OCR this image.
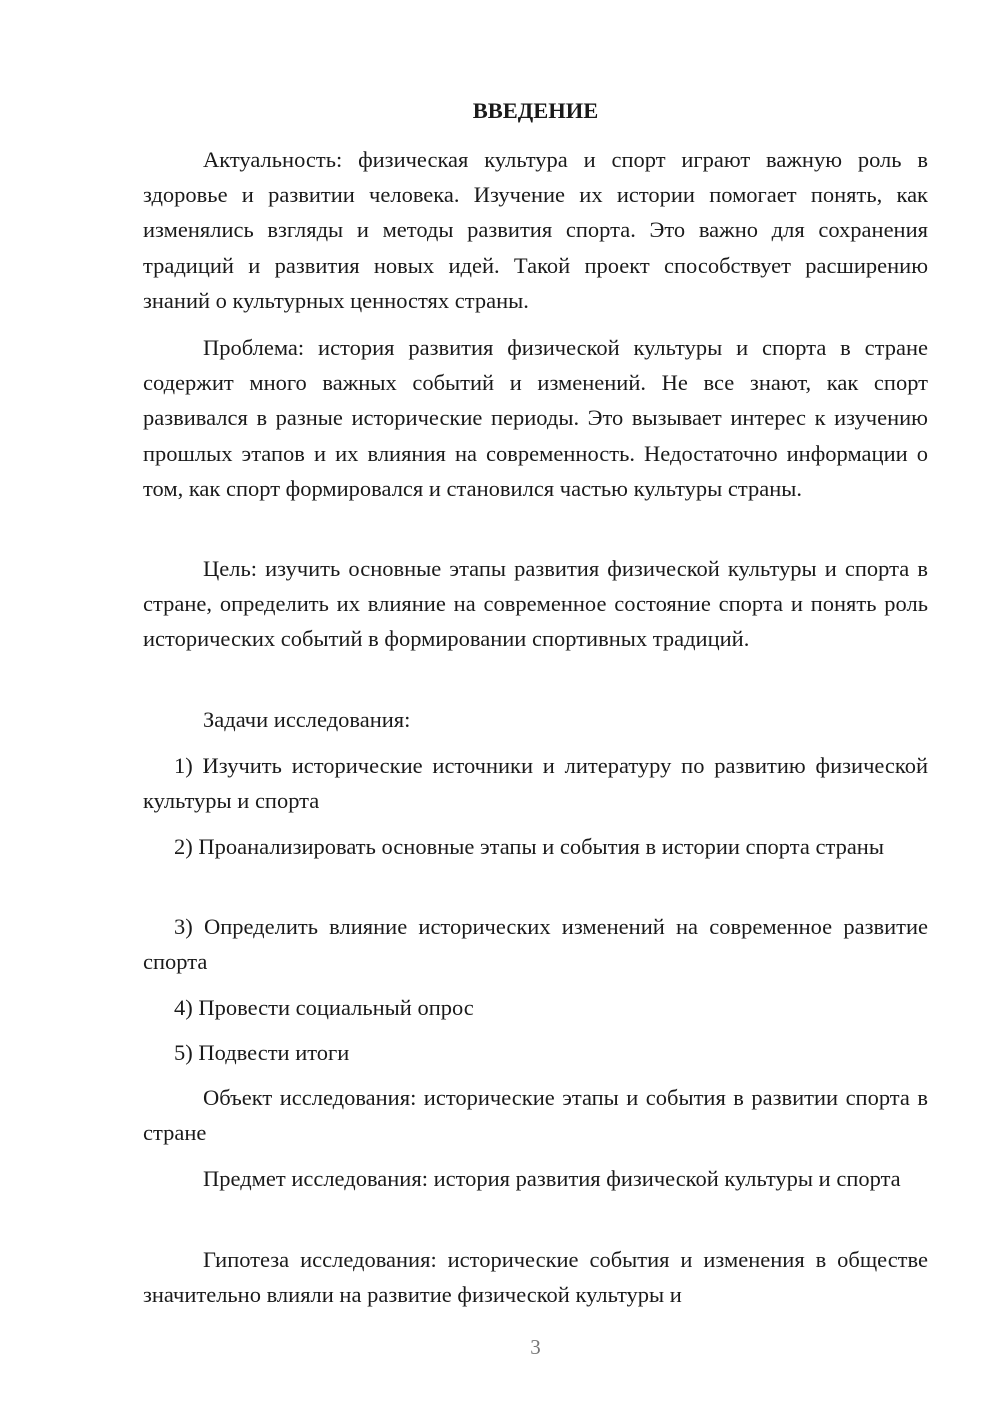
ВВЕДЕНИЕ

Актуальность: физическая культура и спорт играют важную роль в здоровье и развитии человека. Изучение их истории помогает понять, как изменялись взгляды и методы развития спорта. Это важно для сохранения традиций и развития новых идей. Такой проект способствует расширению знаний о культурных ценностях страны.

Проблема: история развития физической культуры и спорта в стране содержит много важных событий и изменений. Не все знают, как спорт развивался в разные исторические периоды. Это вызывает интерес к изучению прошлых этапов и их влияния на современность. Недостаточно информации о том, как спорт формировался и становился частью культуры страны.

Цель: изучить основные этапы развития физической культуры и спорта в стране, определить их влияние на современное состояние спорта и понять роль исторических событий в формировании спортивных традиций.

Задачи исследования:

1) Изучить исторические источники и литературу по развитию физической культуры и спорта

2) Проанализировать основные этапы и события в истории спорта страны

3) Определить влияние исторических изменений на современное развитие спорта

4) Провести социальный опрос

5) Подвести итоги

Объект исследования: исторические этапы и события в развитии спорта в стране

Предмет исследования: история развития физической культуры и спорта

Гипотеза исследования: исторические события и изменения в обществе значительно влияли на развитие физической культуры и

3
